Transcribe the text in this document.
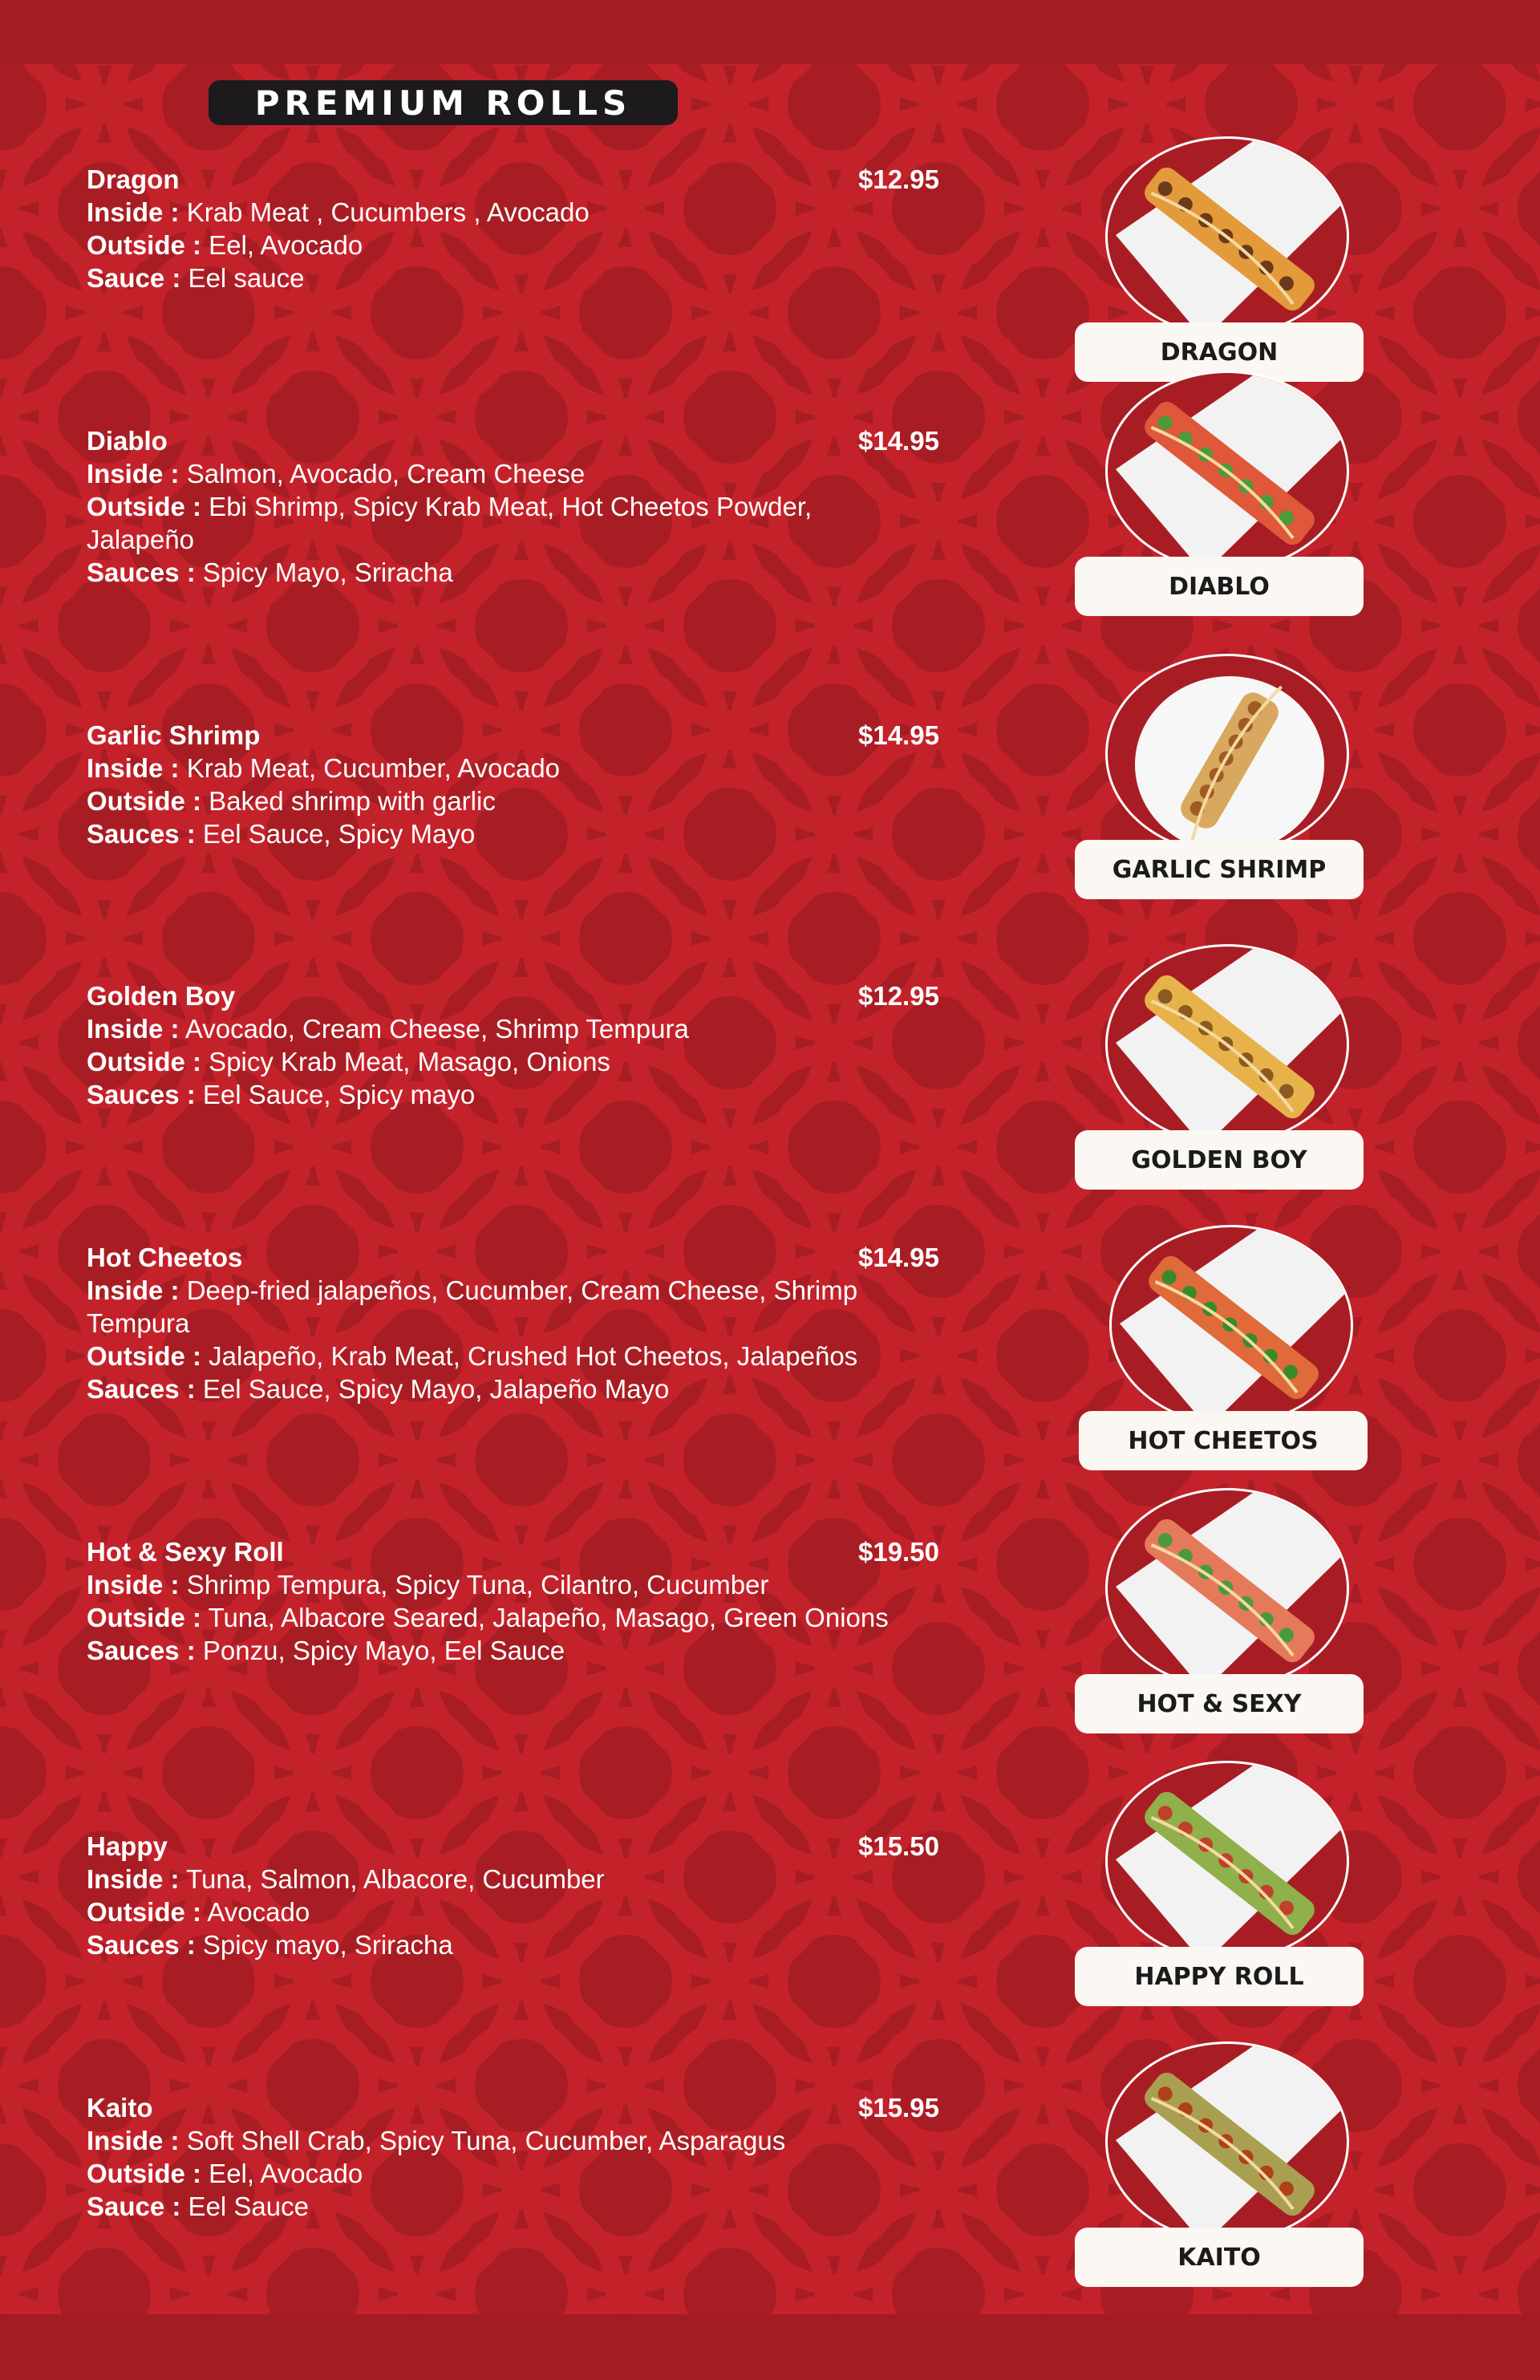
PREMIUM ROLLS
Dragon	$12.95
Inside : Krab Meat , Cucumbers , Avocado
Outside : Eel, Avocado
Sauce : Eel sauce
Diablo	$14.95
Inside : Salmon, Avocado, Cream Cheese
Outside : Ebi Shrimp, Spicy Krab Meat, Hot Cheetos Powder, Jalapeño
Sauces : Spicy Mayo, Sriracha
Garlic Shrimp	$14.95
Inside : Krab Meat, Cucumber, Avocado
Outside : Baked shrimp with garlic
Sauces : Eel Sauce, Spicy Mayo
Golden Boy	$12.95
Inside : Avocado, Cream Cheese, Shrimp Tempura
Outside : Spicy Krab Meat, Masago, Onions
Sauces : Eel Sauce, Spicy mayo
Hot Cheetos	$14.95
Inside : Deep-fried jalapeños, Cucumber, Cream Cheese, Shrimp Tempura
Outside : Jalapeño, Krab Meat, Crushed Hot Cheetos, Jalapeños
Sauces : Eel Sauce, Spicy Mayo, Jalapeño Mayo
Hot & Sexy Roll	$19.50
Inside : Shrimp Tempura, Spicy Tuna, Cilantro, Cucumber
Outside : Tuna, Albacore Seared, Jalapeño, Masago, Green Onions
Sauces : Ponzu, Spicy Mayo, Eel Sauce
Happy	$15.50
Inside : Tuna, Salmon, Albacore, Cucumber
Outside : Avocado
Sauces : Spicy mayo, Sriracha
Kaito	$15.95
Inside : Soft Shell Crab, Spicy Tuna, Cucumber, Asparagus
Outside : Eel, Avocado
Sauce : Eel Sauce
DRAGON
DIABLO
GARLIC SHRIMP
GOLDEN BOY
HOT CHEETOS
HOT & SEXY
HAPPY ROLL
KAITO
